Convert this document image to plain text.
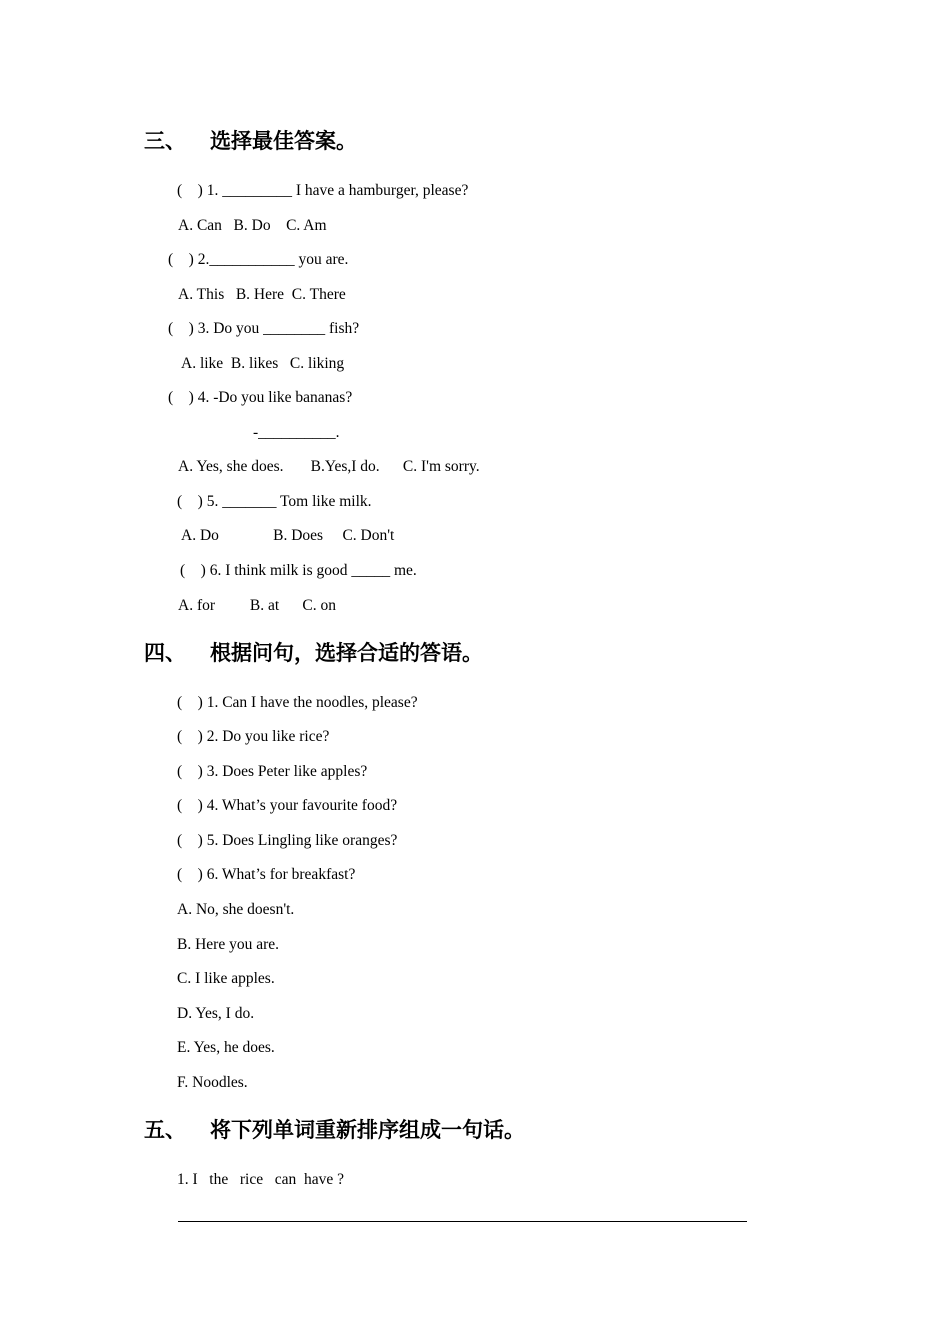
三、 选择最佳答案。
(    ) 1. _________ I have a hamburger, please?
A. Can   B. Do    C. Am
(    ) 2.___________ you are.
A. This   B. Here  C. There
(    ) 3. Do you ________ fish?
A. like  B. likes   C. liking
(    ) 4. -Do you like bananas?
-__________.
A. Yes, she does.       B.Yes,I do.      C. I'm sorry.
(    ) 5. _______ Tom like milk.
A. Do              B. Does     C. Don't
(    ) 6. I think milk is good _____ me.
A. for         B. at      C. on
四、 根据问句，选择合适的答语。
(    ) 1. Can I have the noodles, please?
(    ) 2. Do you like rice?
(    ) 3. Does Peter like apples?
(    ) 4. What’s your favourite food?
(    ) 5. Does Lingling like oranges?
(    ) 6. What’s for breakfast?
A. No, she doesn't.
B. Here you are.
C. I like apples.
D. Yes, I do.
E. Yes, he does.
F. Noodles.
五、 将下列单词重新排序组成一句话。
1. I   the   rice   can  have ?
